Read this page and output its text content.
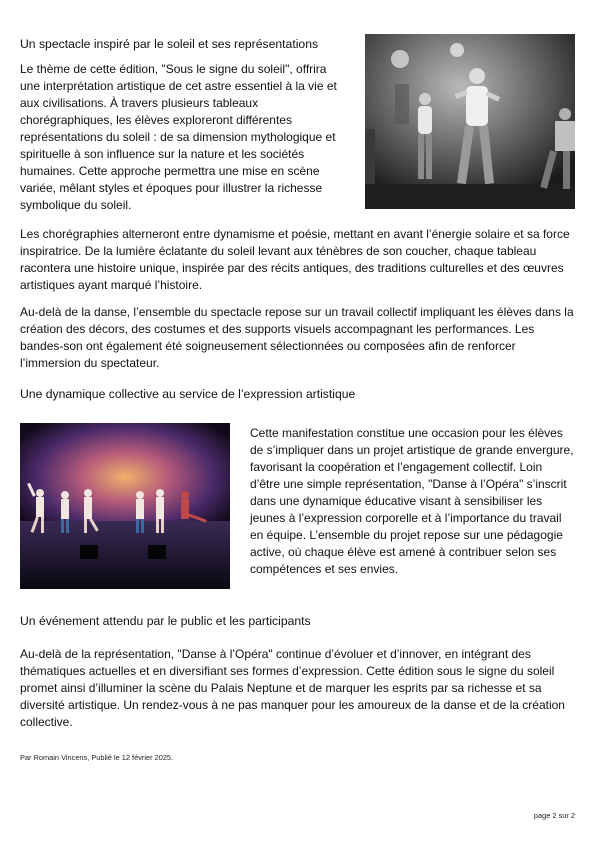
Un spectacle inspiré par le soleil et ses représentations

Le thème de cette édition, "Sous le signe du soleil", offrira une interprétation artistique de cet astre essentiel à la vie et aux civilisations. À travers plusieurs tableaux chorégraphiques, les élèves exploreront différentes représentations du soleil : de sa dimension mythologique et spirituelle à son influence sur la nature et les sociétés humaines. Cette approche permettra une mise en scène variée, mêlant styles et époques pour illustrer la richesse symbolique du soleil.

Les chorégraphies alterneront entre dynamisme et poésie, mettant en avant l’énergie solaire et sa force inspiratrice. De la lumière éclatante du soleil levant aux ténèbres de son coucher, chaque tableau racontera une histoire unique, inspirée par des récits antiques, des traditions culturelles et des œuvres artistiques ayant marqué l’histoire.

Au-delà de la danse, l’ensemble du spectacle repose sur un travail collectif impliquant les élèves dans la création des décors, des costumes et des supports visuels accompagnant les performances. Les bandes-son ont également été soigneusement sélectionnées ou composées afin de renforcer l’immersion du spectateur.

Une dynamique collective au service de l’expression artistique

Cette manifestation constitue une occasion pour les élèves de s’impliquer dans un projet artistique de grande envergure, favorisant la coopération et l’engagement collectif. Loin d’être une simple représentation, "Danse à l’Opéra" s’inscrit dans une dynamique éducative visant à sensibiliser les jeunes à l’expression corporelle et à l’importance du travail en équipe. L’ensemble du projet repose sur une pédagogie active, où chaque élève est amené à contribuer selon ses compétences et ses envies.

Un événement attendu par le public et les participants

Au-delà de la représentation, "Danse à l’Opéra" continue d’évoluer et d’innover, en intégrant des thématiques actuelles et en diversifiant ses formes d’expression. Cette édition sous le signe du soleil promet ainsi d’illuminer la scène du Palais Neptune et de marquer les esprits par sa richesse et sa diversité artistique. Un rendez-vous à ne pas manquer pour les amoureux de la danse et de la création collective.

Par Romain Vincens, Publié le 12 février 2025.
page 2 sur 2
